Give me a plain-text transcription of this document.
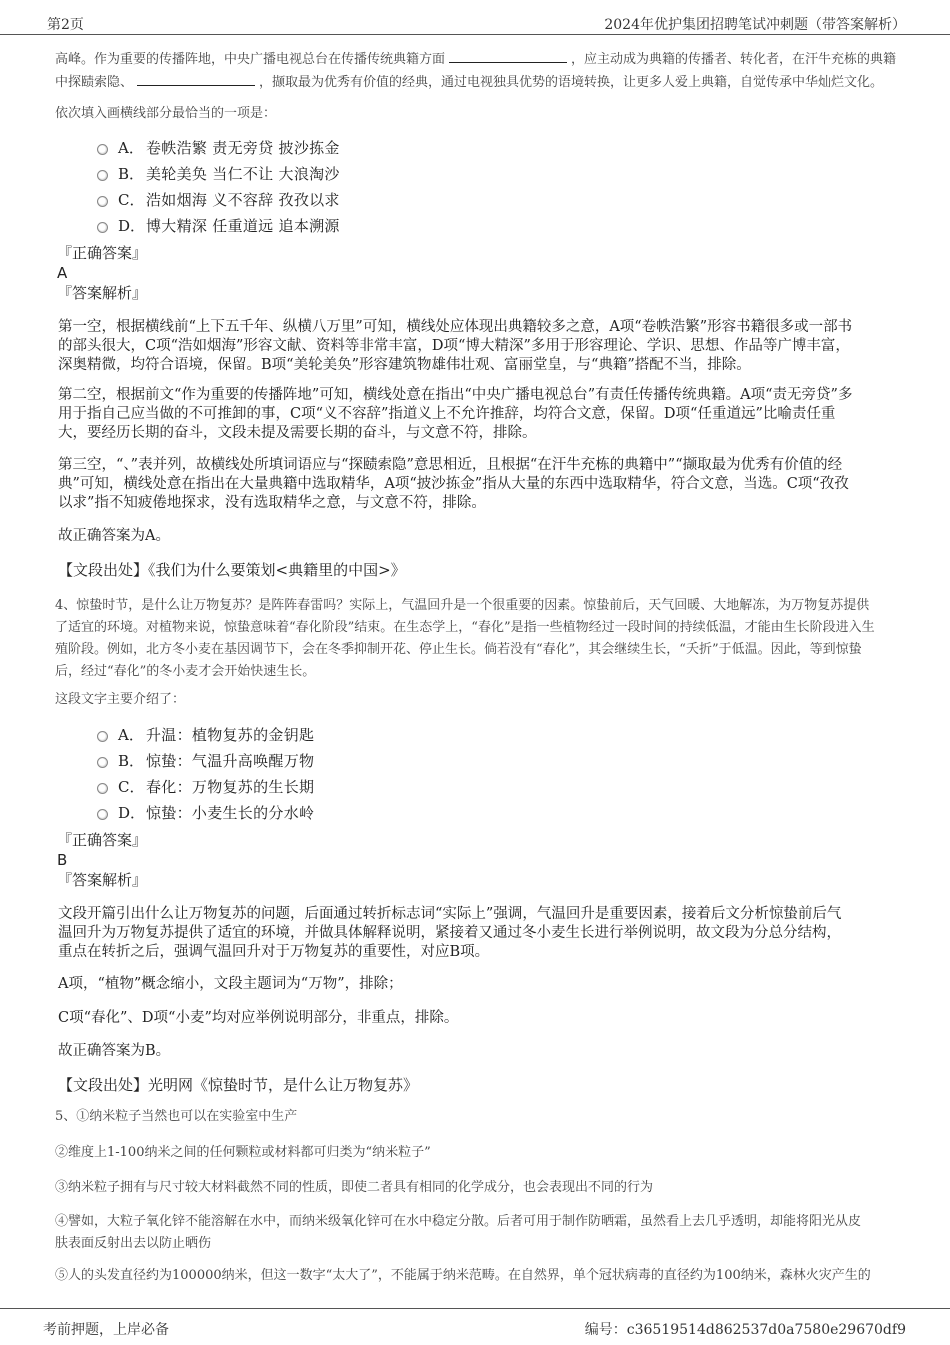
第2页	2024年优护集团招聘笔试冲刺题（带答案解析）
高峰。作为重要的传播阵地，中央广播电视总台在传播传统典籍方面	，应主动成为典籍的传播者、转化者，在汗牛充栋的典籍
中探赜索隐、	，撷取最为优秀有价值的经典，通过电视独具优势的语境转换，让更多人爱上典籍，自觉传承中华灿烂文化。
依次填入画横线部分最恰当的一项是：
A． 卷帙浩繁 责无旁贷 披沙拣金
B． 美轮美奂 当仁不让 大浪淘沙
C． 浩如烟海 义不容辞 孜孜以求
D． 博大精深 任重道远 追本溯源
『正确答案』
A
『答案解析』
第一空，根据横线前“上下五千年、纵横八万里”可知，横线处应体现出典籍较多之意，A项“卷帙浩繁”形容书籍很多或一部书
的部头很大，C项“浩如烟海”形容文献、资料等非常丰富，D项“博大精深”多用于形容理论、学识、思想、作品等广博丰富，
深奥精微，均符合语境，保留。B项“美轮美奂”形容建筑物雄伟壮观、富丽堂皇，与“典籍”搭配不当，排除。
第二空，根据前文“作为重要的传播阵地”可知，横线处意在指出“中央广播电视总台”有责任传播传统典籍。A项“责无旁贷”多
用于指自己应当做的不可推卸的事，C项“义不容辞”指道义上不允许推辞，均符合文意，保留。D项“任重道远”比喻责任重
大，要经历长期的奋斗，文段未提及需要长期的奋斗，与文意不符，排除。
第三空，“、”表并列，故横线处所填词语应与“探赜索隐”意思相近，且根据“在汗牛充栋的典籍中”“撷取最为优秀有价值的经
典”可知，横线处意在指出在大量典籍中选取精华，A项“披沙拣金”指从大量的东西中选取精华，符合文意，当选。C项“孜孜
以求”指不知疲倦地探求，没有选取精华之意，与文意不符，排除。
故正确答案为A。
【文段出处】《我们为什么要策划<典籍里的中国>》
4、惊蛰时节，是什么让万物复苏？是阵阵春雷吗？实际上，气温回升是一个很重要的因素。惊蛰前后，天气回暖、大地解冻，为万物复苏提供
了适宜的环境。对植物来说，惊蛰意味着“春化阶段”结束。在生态学上，“春化”是指一些植物经过一段时间的持续低温，才能由生长阶段进入生
殖阶段。例如，北方冬小麦在基因调节下，会在冬季抑制开花、停止生长。倘若没有“春化”，其会继续生长，“夭折”于低温。因此，等到惊蛰
后，经过“春化”的冬小麦才会开始快速生长。
这段文字主要介绍了：
A． 升温：植物复苏的金钥匙
B． 惊蛰：气温升高唤醒万物
C． 春化：万物复苏的生长期
D． 惊蛰：小麦生长的分水岭
『正确答案』
B
『答案解析』
文段开篇引出什么让万物复苏的问题，后面通过转折标志词“实际上”强调，气温回升是重要因素，接着后文分析惊蛰前后气
温回升为万物复苏提供了适宜的环境，并做具体解释说明，紧接着又通过冬小麦生长进行举例说明，故文段为分总分结构，
重点在转折之后，强调气温回升对于万物复苏的重要性，对应B项。
A项，“植物”概念缩小，文段主题词为“万物”，排除；
C项“春化”、D项“小麦”均对应举例说明部分，非重点，排除。
故正确答案为B。
【文段出处】光明网《惊蛰时节，是什么让万物复苏》
5、①纳米粒子当然也可以在实验室中生产
②维度上1-100纳米之间的任何颗粒或材料都可归类为“纳米粒子”
③纳米粒子拥有与尺寸较大材料截然不同的性质，即使二者具有相同的化学成分，也会表现出不同的行为
④譬如，大粒子氧化锌不能溶解在水中，而纳米级氧化锌可在水中稳定分散。后者可用于制作防晒霜，虽然看上去几乎透明，却能将阳光从皮
肤表面反射出去以防止晒伤
⑤人的头发直径约为100000纳米，但这一数字“太大了”，不能属于纳米范畴。在自然界，单个冠状病毒的直径约为100纳米，森林火灾产生的
考前押题，上岸必备	编号：c36519514d862537d0a7580e29670df9
